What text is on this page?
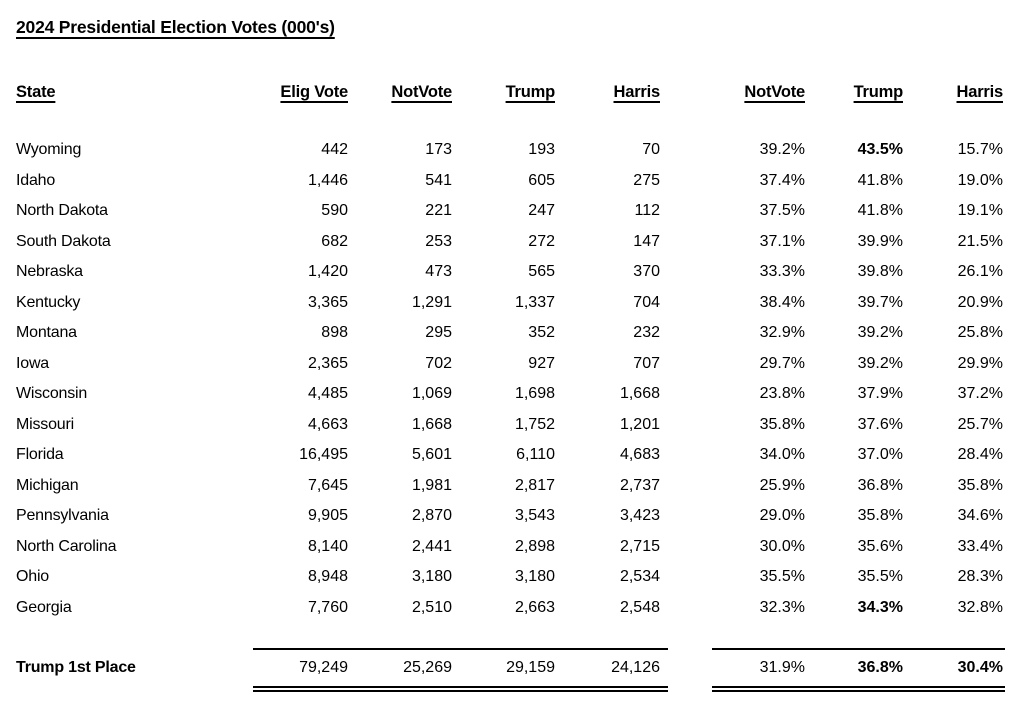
2024 Presidential Election Votes (000's)
State	Elig Vote	NotVote	Trump	Harris	NotVote	Trump	Harris
Wyoming	442	173	193	70	39.2%	43.5%	15.7%
Idaho	1,446	541	605	275	37.4%	41.8%	19.0%
North Dakota	590	221	247	112	37.5%	41.8%	19.1%
South Dakota	682	253	272	147	37.1%	39.9%	21.5%
Nebraska	1,420	473	565	370	33.3%	39.8%	26.1%
Kentucky	3,365	1,291	1,337	704	38.4%	39.7%	20.9%
Montana	898	295	352	232	32.9%	39.2%	25.8%
Iowa	2,365	702	927	707	29.7%	39.2%	29.9%
Wisconsin	4,485	1,069	1,698	1,668	23.8%	37.9%	37.2%
Missouri	4,663	1,668	1,752	1,201	35.8%	37.6%	25.7%
Florida	16,495	5,601	6,110	4,683	34.0%	37.0%	28.4%
Michigan	7,645	1,981	2,817	2,737	25.9%	36.8%	35.8%
Pennsylvania	9,905	2,870	3,543	3,423	29.0%	35.8%	34.6%
North Carolina	8,140	2,441	2,898	2,715	30.0%	35.6%	33.4%
Ohio	8,948	3,180	3,180	2,534	35.5%	35.5%	28.3%
Georgia	7,760	2,510	2,663	2,548	32.3%	34.3%	32.8%
Trump 1st Place	79,249	25,269	29,159	24,126	31.9%	36.8%	30.4%
